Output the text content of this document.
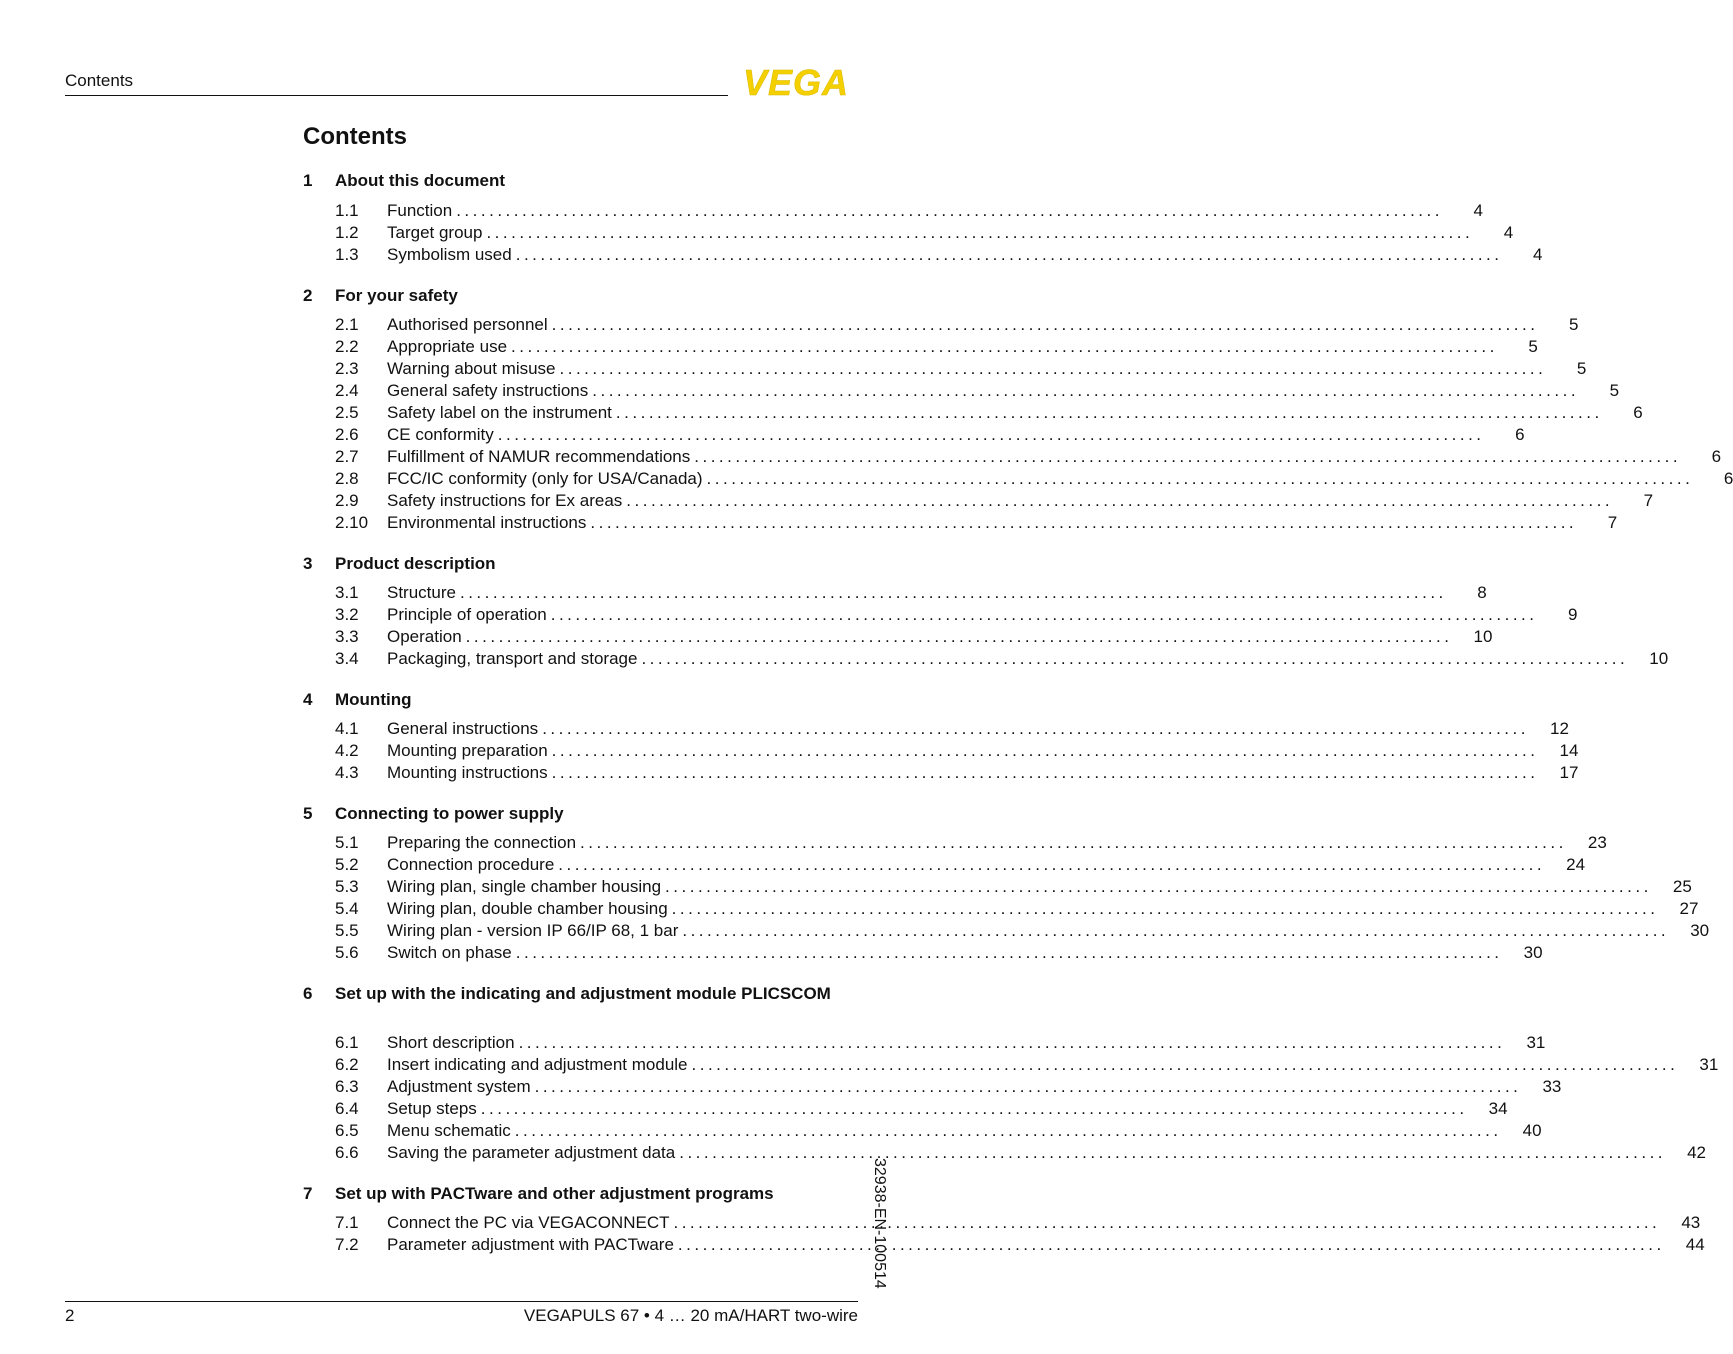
Contents	VEGA
Contents
1	About this document
1.1	Function ........................................................................................................................	4
1.2	Target group ........................................................................................................................	4
1.3	Symbolism used ........................................................................................................................	4
2	For your safety
2.1	Authorised personnel ........................................................................................................................	5
2.2	Appropriate use ........................................................................................................................	5
2.3	Warning about misuse ........................................................................................................................	5
2.4	General safety instructions ........................................................................................................................	5
2.5	Safety label on the instrument ........................................................................................................................	6
2.6	CE conformity ........................................................................................................................	6
2.7	Fulfillment of NAMUR recommendations ........................................................................................................................	6
2.8	FCC/IC conformity (only for USA/Canada) ........................................................................................................................	6
2.9	Safety instructions for Ex areas ........................................................................................................................	7
2.10	Environmental instructions ........................................................................................................................	7
3	Product description
3.1	Structure ........................................................................................................................	8
3.2	Principle of operation ........................................................................................................................	9
3.3	Operation ........................................................................................................................	10
3.4	Packaging, transport and storage ........................................................................................................................	10
4	Mounting
4.1	General instructions ........................................................................................................................	12
4.2	Mounting preparation ........................................................................................................................	14
4.3	Mounting instructions ........................................................................................................................	17
5	Connecting to power supply
5.1	Preparing the connection ........................................................................................................................	23
5.2	Connection procedure ........................................................................................................................	24
5.3	Wiring plan, single chamber housing ........................................................................................................................	25
5.4	Wiring plan, double chamber housing ........................................................................................................................	27
5.5	Wiring plan - version IP 66/IP 68, 1 bar ........................................................................................................................	30
5.6	Switch on phase ........................................................................................................................	30
6	Set up with the indicating and adjustment module PLICSCOM
6.1	Short description ........................................................................................................................	31
6.2	Insert indicating and adjustment module ........................................................................................................................	31
6.3	Adjustment system ........................................................................................................................	33
6.4	Setup steps ........................................................................................................................	34
6.5	Menu schematic ........................................................................................................................	40
6.6	Saving the parameter adjustment data ........................................................................................................................	42
7	Set up with PACTware and other adjustment programs
7.1	Connect the PC via VEGACONNECT ........................................................................................................................	43
7.2	Parameter adjustment with PACTware ........................................................................................................................	44
32938-EN-100514
2	VEGAPULS 67 • 4 … 20 mA/HART two-wire
